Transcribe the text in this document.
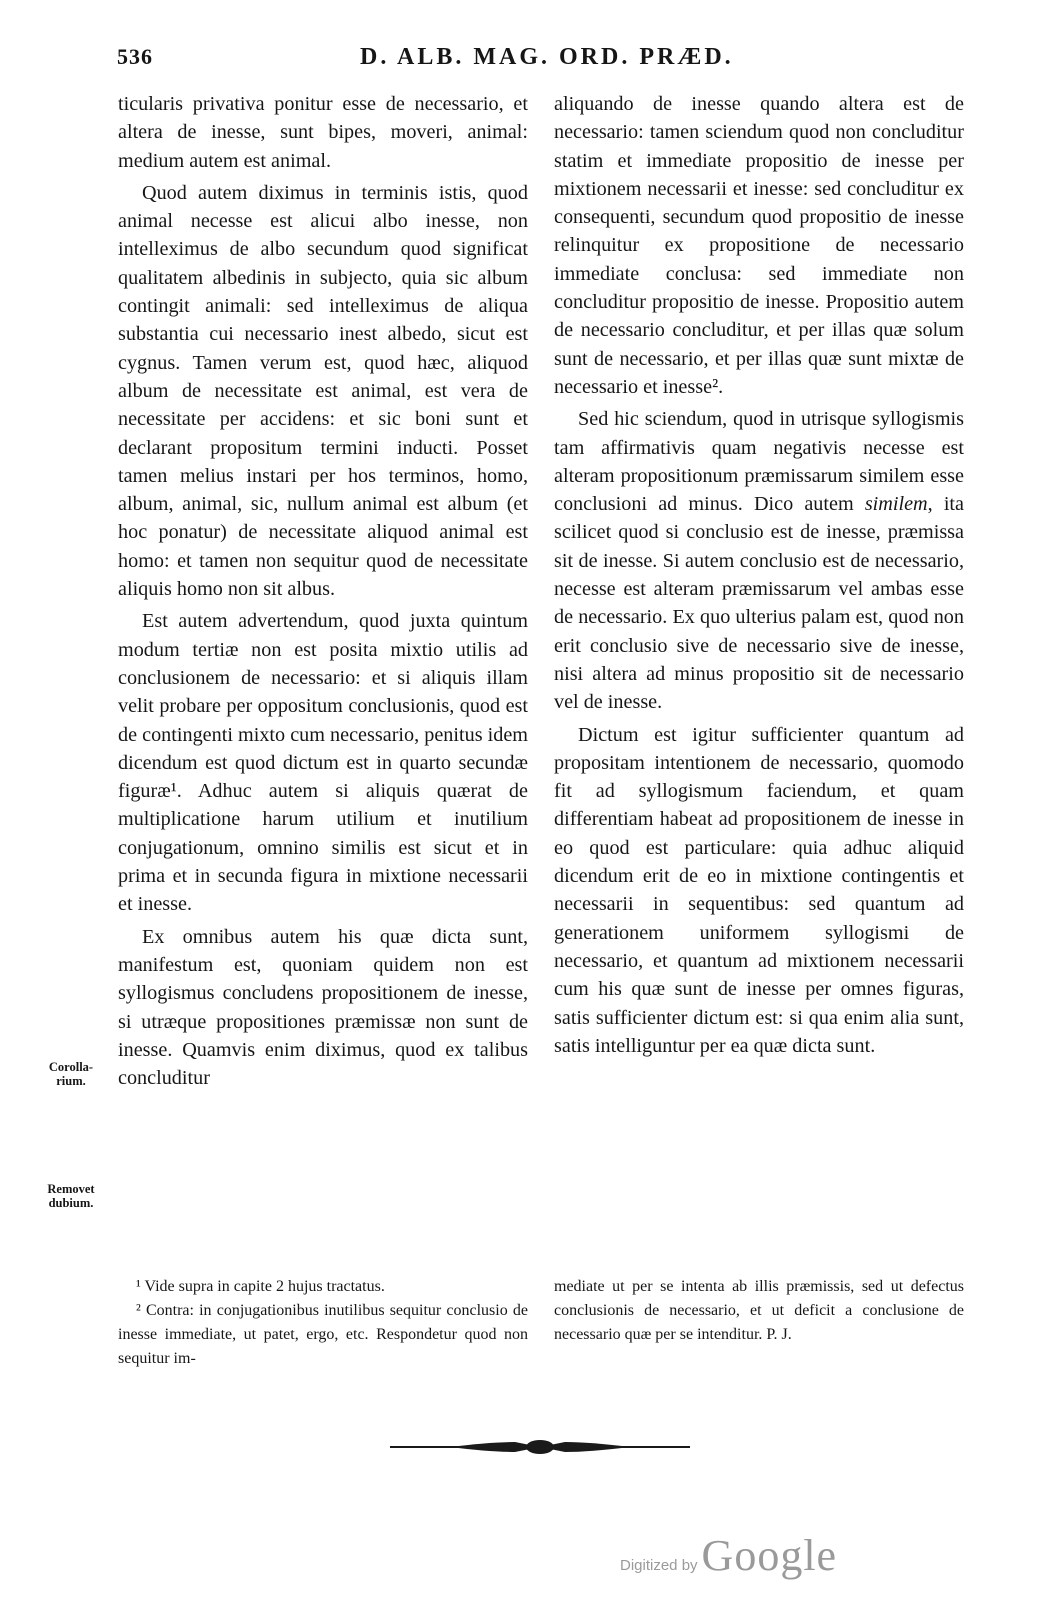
536	D. ALB. MAG. ORD. PRÆD.

ticularis privativa ponitur esse de necessario, et altera de inesse, sunt bipes, moveri, animal: medium autem est animal.

Quod autem diximus in terminis istis, quod animal necesse est alicui albo inesse, non intelleximus de albo secundum quod significat qualitatem albedinis in subjecto, quia sic album contingit animali: sed intelleximus de aliqua substantia cui necessario inest albedo, sicut est cygnus. Tamen verum est, quod hæc, aliquod album de necessitate est animal, est vera de necessitate per accidens: et sic boni sunt et declarant propositum termini inducti. Posset tamen melius instari per hos terminos, homo, album, animal, sic, nullum animal est album (et hoc ponatur) de necessitate aliquod animal est homo: et tamen non sequitur quod de necessitate aliquis homo non sit albus.

Est autem advertendum, quod juxta quintum modum tertiæ non est posita mixtio utilis ad conclusionem de necessario: et si aliquis illam velit probare per oppositum conclusionis, quod est de contingenti mixto cum necessario, penitus idem dicendum est quod dictum est in quarto secundæ figuræ¹. Adhuc autem si aliquis quærat de multiplicatione harum utilium et inutilium conjugationum, omnino similis est sicut et in prima et in secunda figura in mixtione necessarii et inesse.

Ex omnibus autem his quæ dicta sunt, manifestum est, quoniam quidem non est syllogismus concludens propositionem de inesse, si utræque propositiones præmissæ non sunt de inesse. Quamvis enim diximus, quod ex talibus concluditur

aliquando de inesse quando altera est de necessario: tamen sciendum quod non concluditur statim et immediate propositio de inesse per mixtionem necessarii et inesse: sed concluditur ex consequenti, secundum quod propositio de inesse relinquitur ex propositione de necessario immediate conclusa: sed immediate non concluditur propositio de inesse. Propositio autem de necessario concluditur, et per illas quæ solum sunt de necessario, et per illas quæ sunt mixtæ de necessario et inesse².

Sed hic sciendum, quod in utrisque syllogismis tam affirmativis quam negativis necesse est alteram propositionum præmissarum similem esse conclusioni ad minus. Dico autem similem, ita scilicet quod si conclusio est de inesse, præmissa sit de inesse. Si autem conclusio est de necessario, necesse est alteram præmissarum vel ambas esse de necessario. Ex quo ulterius palam est, quod non erit conclusio sive de necessario sive de inesse, nisi altera ad minus propositio sit de necessario vel de inesse.

Dictum est igitur sufficienter quantum ad propositam intentionem de necessario, quomodo fit ad syllogismum faciendum, et quam differentiam habeat ad propositionem de inesse in eo quod est particulare: quia adhuc aliquid dicendum erit de eo in mixtione contingentis et necessarii in sequentibus: sed quantum ad generationem uniformem syllogismi de necessario, et quantum ad mixtionem necessarii cum his quæ sunt de inesse per omnes figuras, satis sufficienter dictum est: si qua enim alia sunt, satis intelliguntur per ea quæ dicta sunt.

Corolla-rium.
Removet dubium.

¹ Vide supra in capite 2 hujus tractatus.

² Contra: in conjugationibus inutilibus sequitur conclusio de inesse immediate, ut patet, ergo, etc. Respondetur quod non sequitur im-

mediate ut per se intenta ab illis præmissis, sed ut defectus conclusionis de necessario, et ut deficit a conclusione de necessario quæ per se intenditur. P. J.

Digitized byGoogle
